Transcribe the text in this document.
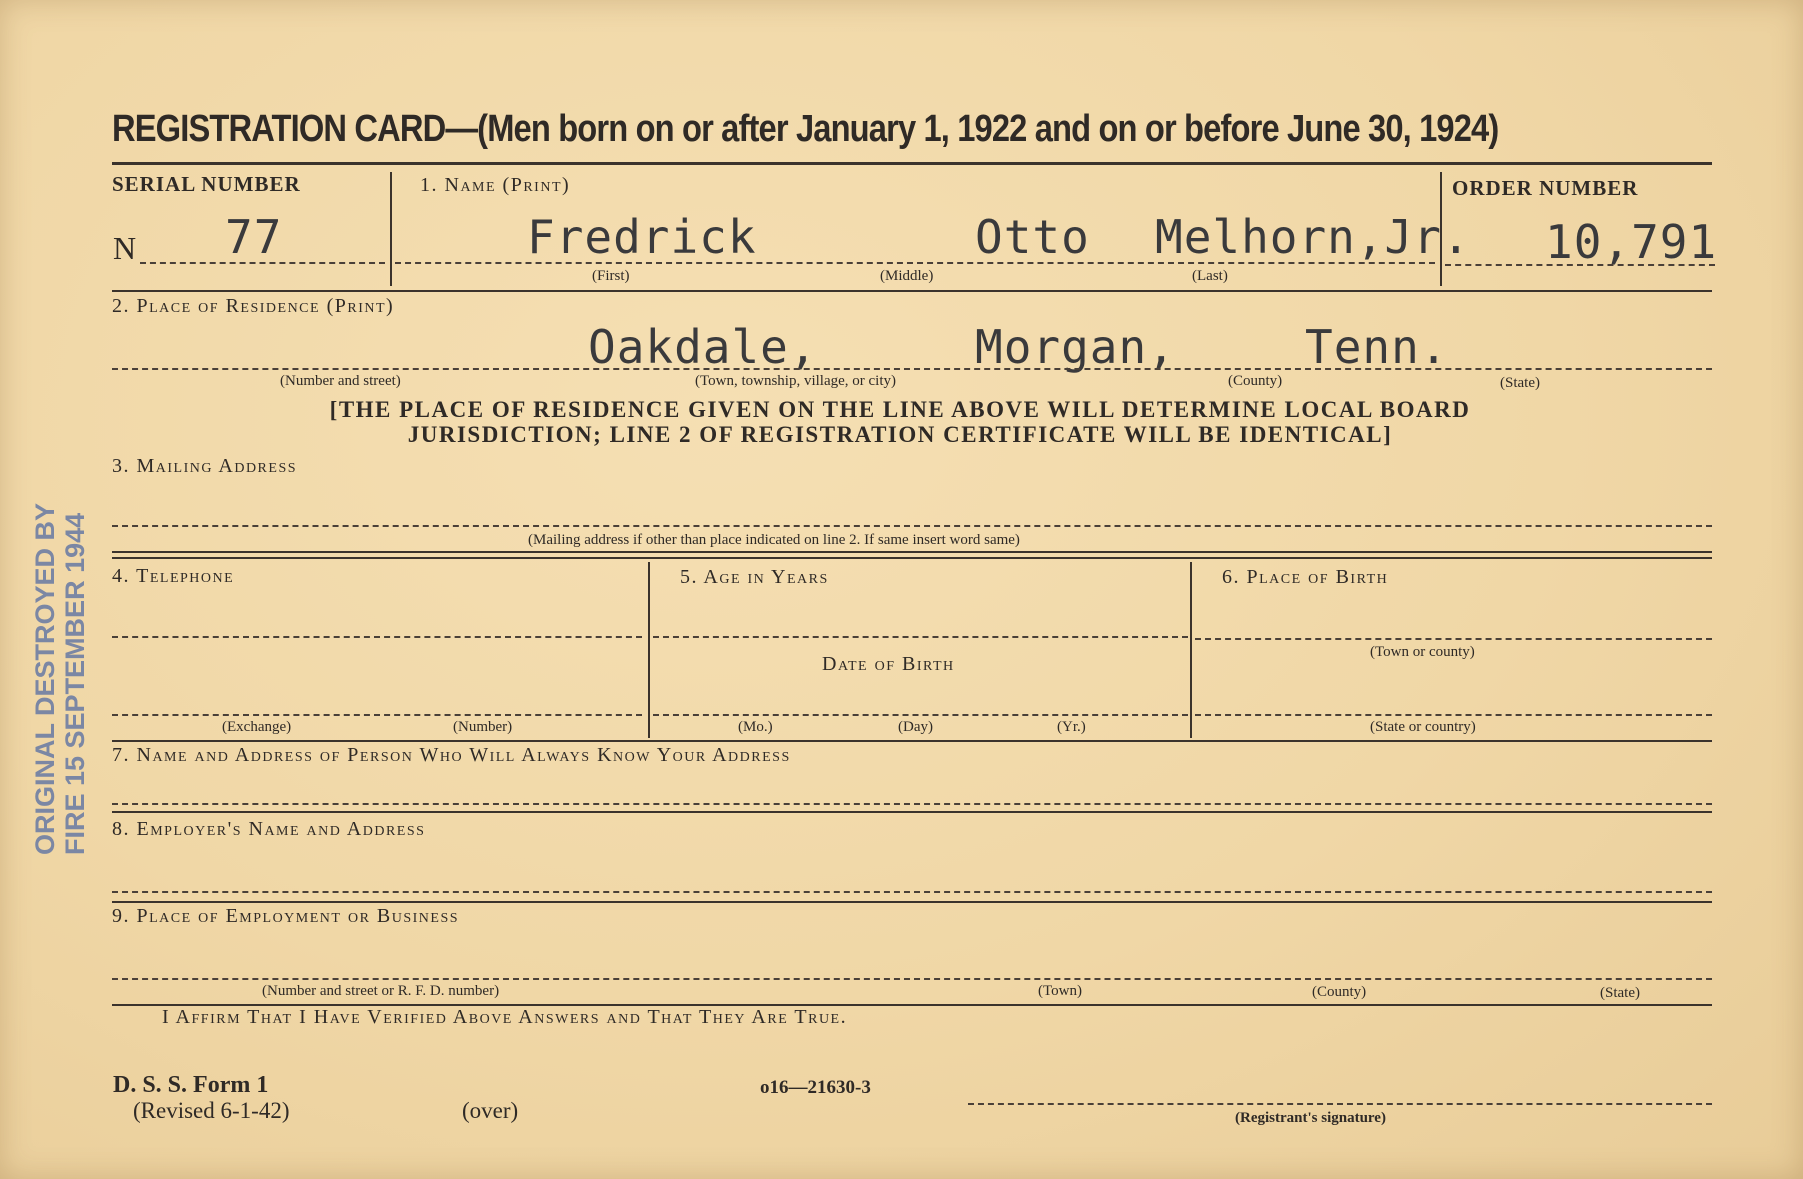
REGISTRATION CARD—(Men born on or after January 1, 1922 and on or before June 30, 1924)
SERIAL NUMBER
N 77
1. Name (Print)
Fredrick	Otto Melhorn,Jr.
(First)	(Middle)	(Last)
ORDER NUMBER
10,791
2. Place of Residence (Print)
Oakdale,	Morgan,	Tenn.
(Number and street)	(Town, township, village, or city)	(County)	(State)
[THE PLACE OF RESIDENCE GIVEN ON THE LINE ABOVE WILL DETERMINE LOCAL BOARD
JURISDICTION; LINE 2 OF REGISTRATION CERTIFICATE WILL BE IDENTICAL]
3. Mailing Address
(Mailing address if other than place indicated on line 2. If same insert word same)
4. Telephone
(Exchange)	(Number)
5. Age in Years
Date of Birth
(Mo.)	(Day)	(Yr.)
6. Place of Birth
(Town or county)
(State or country)
7. Name and Address of Person Who Will Always Know Your Address
8. Employer's Name and Address
9. Place of Employment or Business
(Number and street or R. F. D. number)	(Town)	(County)	(State)
I Affirm That I Have Verified Above Answers and That They Are True.
D. S. S. Form 1
(Revised 6-1-42)	(over)
o16—21630-3
(Registrant's signature)
ORIGINAL DESTROYED BY FIRE 15 SEPTEMBER 1944
